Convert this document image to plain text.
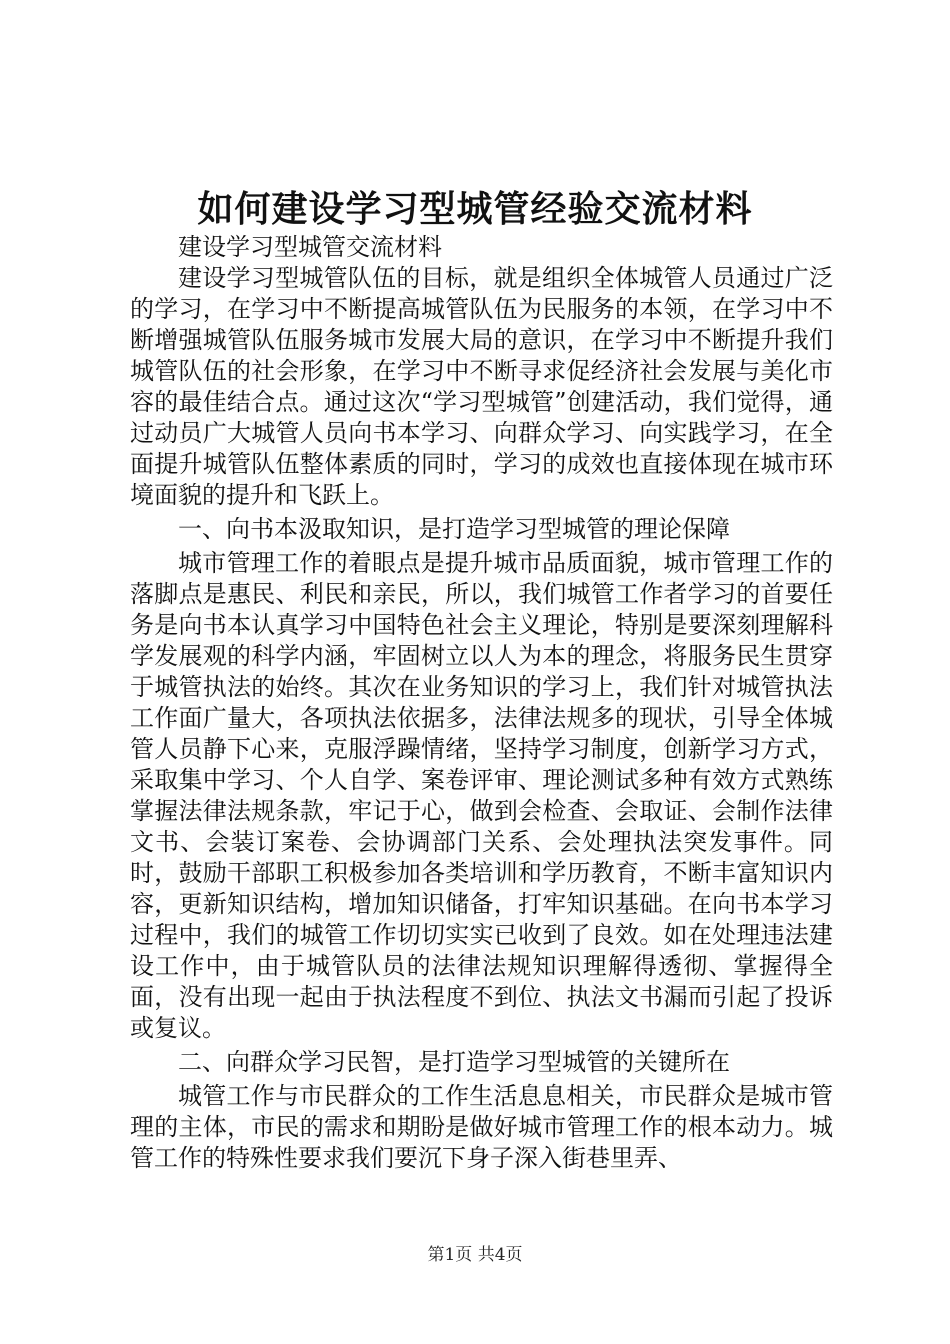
如何建设学习型城管经验交流材料

建设学习型城管交流材料

建设学习型城管队伍的目标，就是组织全体城管人员通过广泛的学习，在学习中不断提高城管队伍为民服务的本领，在学习中不断增强城管队伍服务城市发展大局的意识，在学习中不断提升我们城管队伍的社会形象，在学习中不断寻求促经济社会发展与美化市容的最佳结合点。通过这次“学习型城管”创建活动，我们觉得，通过动员广大城管人员向书本学习、向群众学习、向实践学习，在全面提升城管队伍整体素质的同时，学习的成效也直接体现在城市环境面貌的提升和飞跃上。

一、向书本汲取知识，是打造学习型城管的理论保障

城市管理工作的着眼点是提升城市品质面貌，城市管理工作的落脚点是惠民、利民和亲民，所以，我们城管工作者学习的首要任务是向书本认真学习中国特色社会主义理论，特别是要深刻理解科学发展观的科学内涵，牢固树立以人为本的理念，将服务民生贯穿于城管执法的始终。其次在业务知识的学习上，我们针对城管执法工作面广量大，各项执法依据多，法律法规多的现状，引导全体城管人员静下心来，克服浮躁情绪，坚持学习制度，创新学习方式，采取集中学习、个人自学、案卷评审、理论测试多种有效方式熟练掌握法律法规条款，牢记于心，做到会检查、会取证、会制作法律文书、会装订案卷、会协调部门关系、会处理执法突发事件。同时，鼓励干部职工积极参加各类培训和学历教育，不断丰富知识内容，更新知识结构，增加知识储备，打牢知识基础。在向书本学习过程中，我们的城管工作切切实实已收到了良效。如在处理违法建设工作中，由于城管队员的法律法规知识理解得透彻、掌握得全面，没有出现一起由于执法程度不到位、执法文书漏而引起了投诉或复议。

二、向群众学习民智，是打造学习型城管的关键所在

城管工作与市民群众的工作生活息息相关，市民群众是城市管理的主体，市民的需求和期盼是做好城市管理工作的根本动力。城管工作的特殊性要求我们要沉下身子深入街巷里弄、

第1页 共4页
